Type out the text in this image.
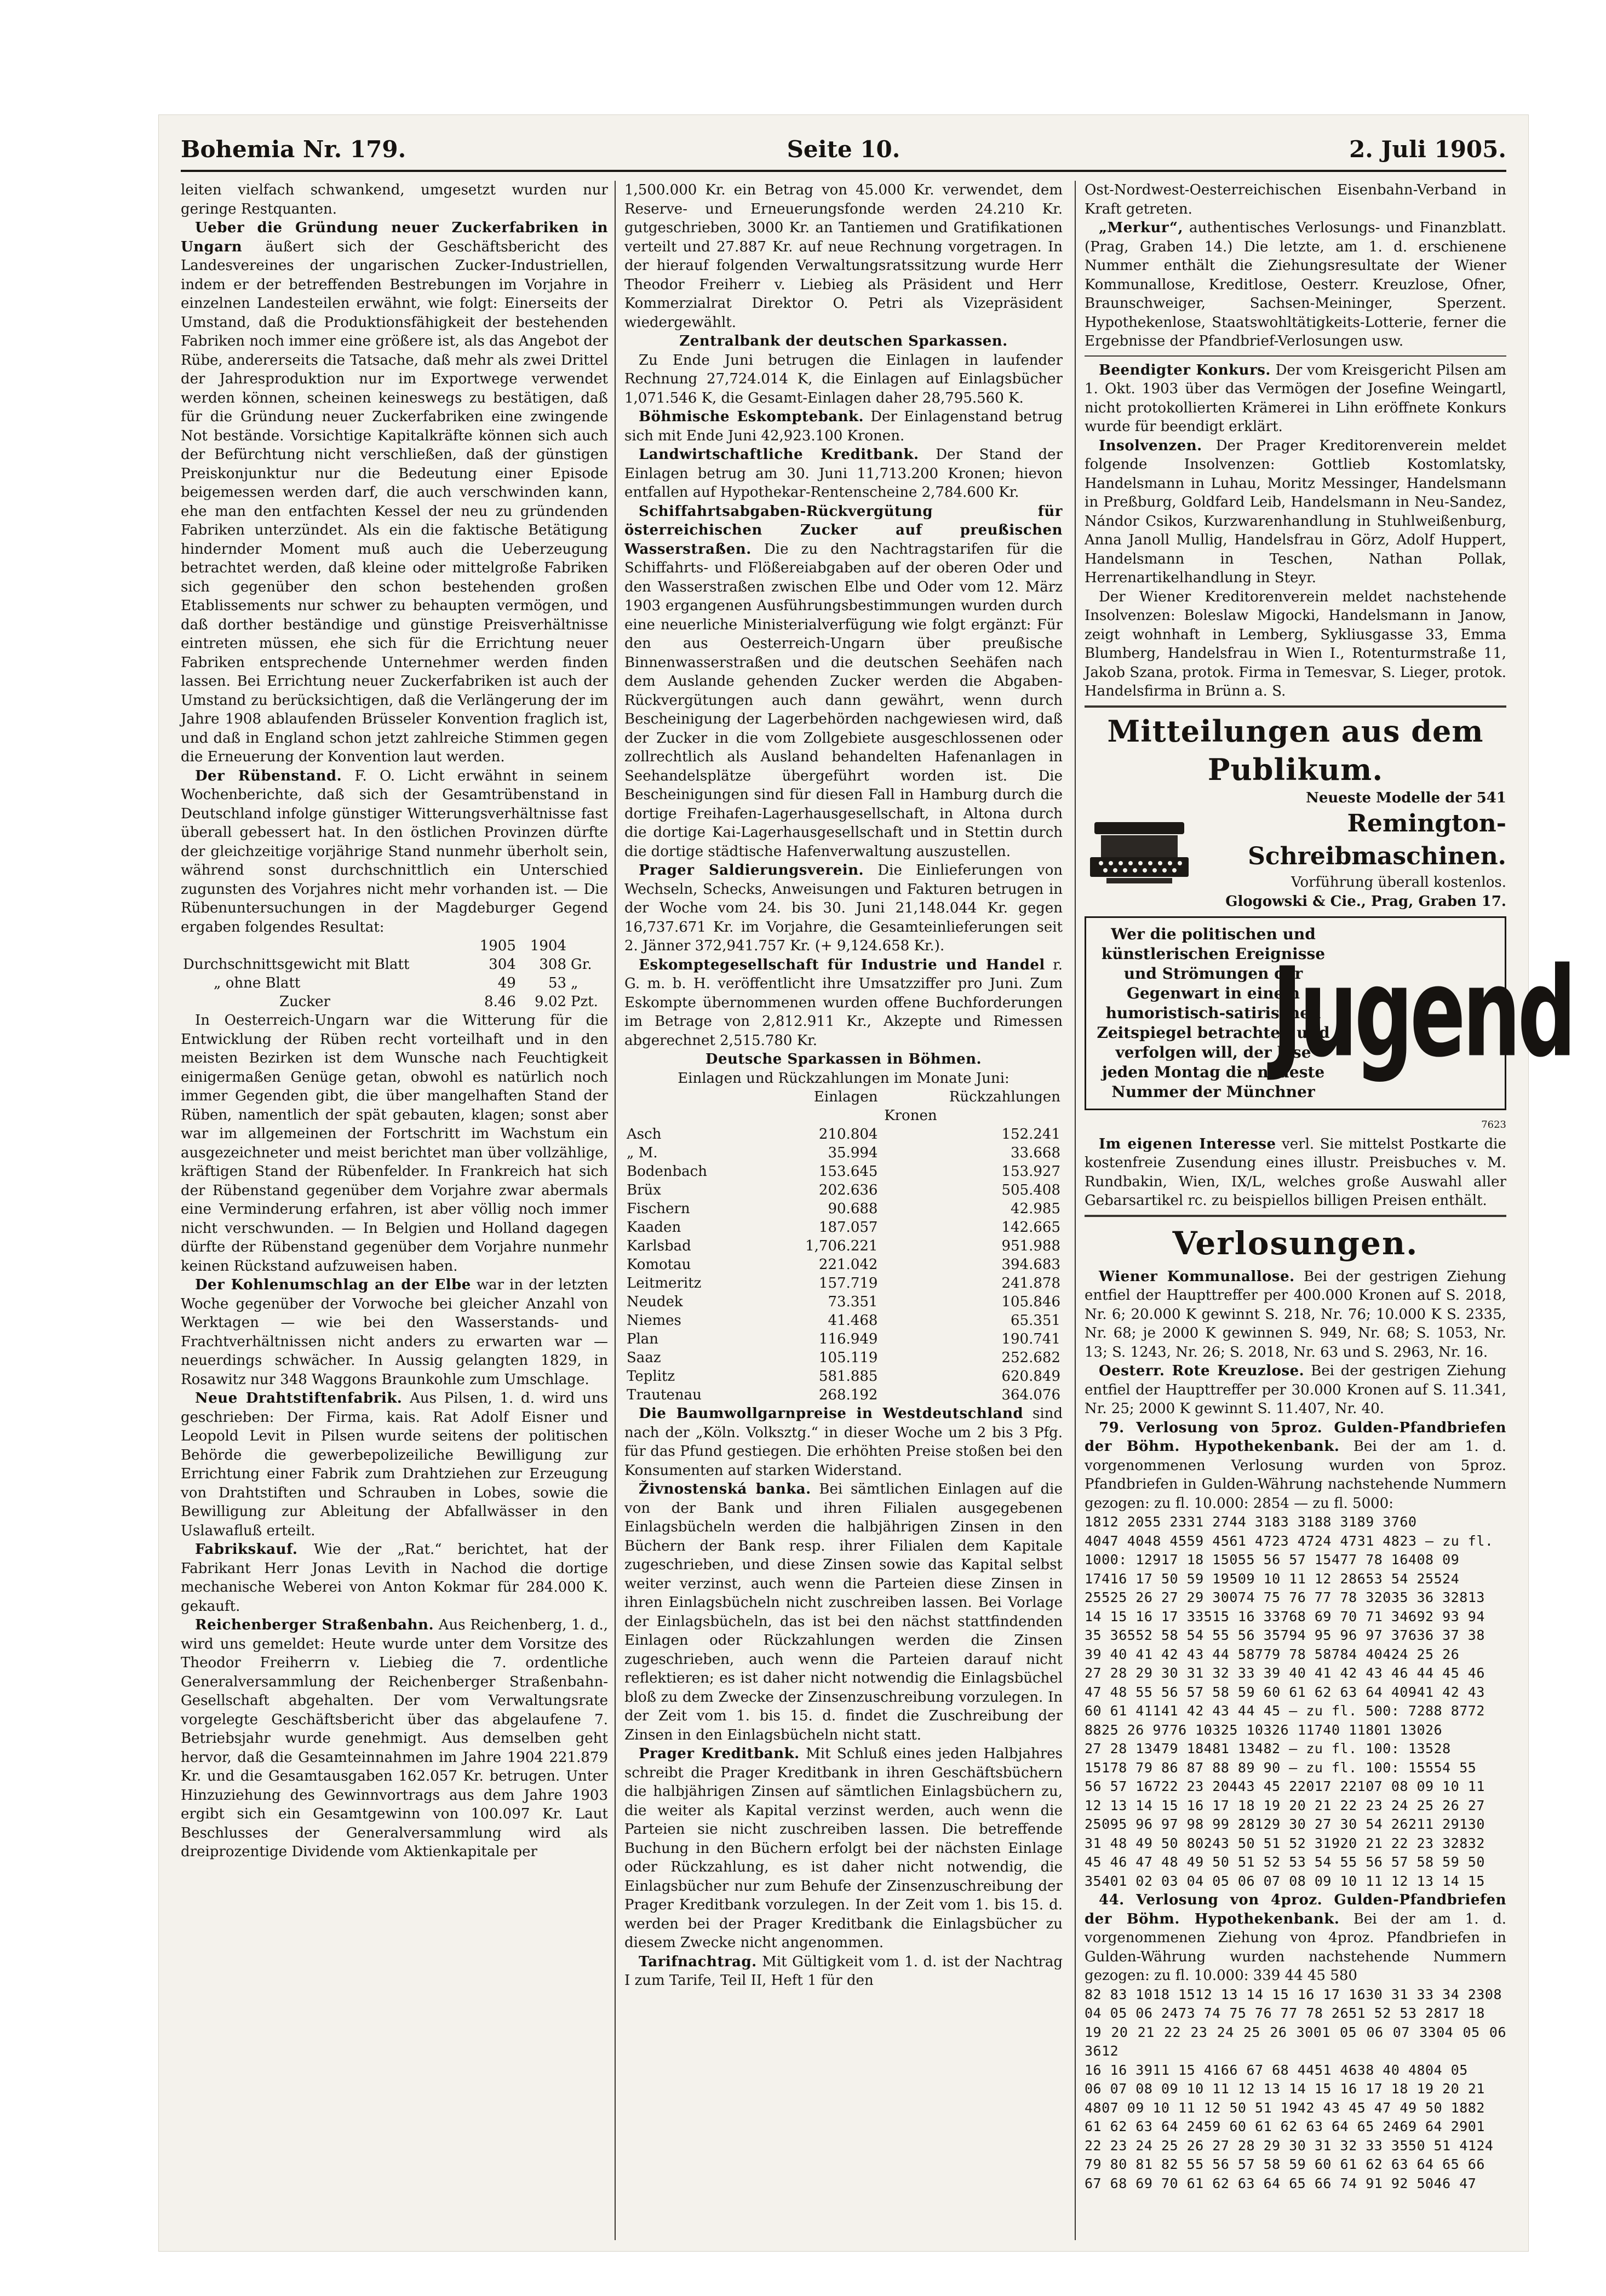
Bohemia Nr. 179.	Seite 10.	2. Juli 1905.

leiten vielfach schwankend, umgesetzt wurden nur geringe Restquanten.

Ueber die Gründung neuer Zuckerfabriken in Ungarn äußert sich der Geschäftsbericht des Landesvereines der ungarischen Zucker-Industriellen, indem er der betreffenden Bestrebungen im Vorjahre in einzelnen Landesteilen erwähnt, wie folgt: Einerseits der Umstand, daß die Produktionsfähigkeit der bestehenden Fabriken noch immer eine größere ist, als das Angebot der Rübe, andererseits die Tatsache, daß mehr als zwei Drittel der Jahresproduktion nur im Exportwege verwendet werden können, scheinen keineswegs zu bestätigen, daß für die Gründung neuer Zuckerfabriken eine zwingende Not bestände. Vorsichtige Kapitalkräfte können sich auch der Befürchtung nicht verschließen, daß der günstigen Preiskonjunktur nur die Bedeutung einer Episode beigemessen werden darf, die auch verschwinden kann, ehe man den entfachten Kessel der neu zu gründenden Fabriken unterzündet. Als ein die faktische Betätigung hindernder Moment muß auch die Ueberzeugung betrachtet werden, daß kleine oder mittelgroße Fabriken sich gegenüber den schon bestehenden großen Etablissements nur schwer zu behaupten vermögen, und daß dorther beständige und günstige Preisverhältnisse eintreten müssen, ehe sich für die Errichtung neuer Fabriken entsprechende Unternehmer werden finden lassen. Bei Errichtung neuer Zuckerfabriken ist auch der Umstand zu berücksichtigen, daß die Verlängerung der im Jahre 1908 ablaufenden Brüsseler Konvention fraglich ist, und daß in England schon jetzt zahlreiche Stimmen gegen die Erneuerung der Konvention laut werden.

Der Rübenstand. F. O. Licht erwähnt in seinem Wochenberichte, daß sich der Gesamtrübenstand in Deutschland infolge günstiger Witterungsverhältnisse fast überall gebessert hat. In den östlichen Provinzen dürfte der gleichzeitige vorjährige Stand nunmehr überholt sein, während sonst durchschnittlich ein Unterschied zugunsten des Vorjahres nicht mehr vorhanden ist. — Die Rübenuntersuchungen in der Magdeburger Gegend ergaben folgendes Resultat:

	1905	1904	
Durchschnittsgewicht mit Blatt	304	308	Gr.
„ ohne Blatt	49	53	„
Zucker	8.46	9.02	Pzt.

In Oesterreich-Ungarn war die Witterung für die Entwicklung der Rüben recht vorteilhaft und in den meisten Bezirken ist dem Wunsche nach Feuchtigkeit einigermaßen Genüge getan, obwohl es natürlich noch immer Gegenden gibt, die über mangelhaften Stand der Rüben, namentlich der spät gebauten, klagen; sonst aber war im allgemeinen der Fortschritt im Wachstum ein ausgezeichneter und meist berichtet man über vollzählige, kräftigen Stand der Rübenfelder. In Frankreich hat sich der Rübenstand gegenüber dem Vorjahre zwar abermals eine Verminderung erfahren, ist aber völlig noch immer nicht verschwunden. — In Belgien und Holland dagegen dürfte der Rübenstand gegenüber dem Vorjahre nunmehr keinen Rückstand aufzuweisen haben.

Der Kohlenumschlag an der Elbe war in der letzten Woche gegenüber der Vorwoche bei gleicher Anzahl von Werktagen — wie bei den Wasserstands- und Frachtverhältnissen nicht anders zu erwarten war — neuerdings schwächer. In Aussig gelangten 1829, in Rosawitz nur 348 Waggons Braunkohle zum Umschlage.

Neue Drahtstiftenfabrik. Aus Pilsen, 1. d. wird uns geschrieben: Der Firma, kais. Rat Adolf Eisner und Leopold Levit in Pilsen wurde seitens der politischen Behörde die gewerbepolizeiliche Bewilligung zur Errichtung einer Fabrik zum Drahtziehen zur Erzeugung von Drahtstiften und Schrauben in Lobes, sowie die Bewilligung zur Ableitung der Abfallwässer in den Uslawafluß erteilt.

Fabrikskauf. Wie der „Rat.“ berichtet, hat der Fabrikant Herr Jonas Levith in Nachod die dortige mechanische Weberei von Anton Kokmar für 284.000 K. gekauft.

Reichenberger Straßenbahn. Aus Reichenberg, 1. d., wird uns gemeldet: Heute wurde unter dem Vorsitze des Theodor Freiherrn v. Liebieg die 7. ordentliche Generalversammlung der Reichenberger Straßenbahn-Gesellschaft abgehalten. Der vom Verwaltungsrate vorgelegte Geschäftsbericht über das abgelaufene 7. Betriebsjahr wurde genehmigt. Aus demselben geht hervor, daß die Gesamteinnahmen im Jahre 1904 221.879 Kr. und die Gesamtausgaben 162.057 Kr. betrugen. Unter Hinzuziehung des Gewinnvortrags aus dem Jahre 1903 ergibt sich ein Gesamtgewinn von 100.097 Kr. Laut Beschlusses der Generalversammlung wird als dreiprozentige Dividende vom Aktienkapitale per

1,500.000 Kr. ein Betrag von 45.000 Kr. verwendet, dem Reserve- und Erneuerungsfonde werden 24.210 Kr. gutgeschrieben, 3000 Kr. an Tantiemen und Gratifikationen verteilt und 27.887 Kr. auf neue Rechnung vorgetragen. In der hierauf folgenden Verwaltungsratssitzung wurde Herr Theodor Freiherr v. Liebieg als Präsident und Herr Kommerzialrat Direktor O. Petri als Vizepräsident wiedergewählt.

Zentralbank der deutschen Sparkassen.

Zu Ende Juni betrugen die Einlagen in laufender Rechnung 27,724.014 K, die Einlagen auf Einlagsbücher 1,071.546 K, die Gesamt-Einlagen daher 28,795.560 K.

Böhmische Eskomptebank. Der Einlagenstand betrug sich mit Ende Juni 42,923.100 Kronen.

Landwirtschaftliche Kreditbank. Der Stand der Einlagen betrug am 30. Juni 11,713.200 Kronen; hievon entfallen auf Hypothekar-Rentenscheine 2,784.600 Kr.

Schiffahrtsabgaben-Rückvergütung für österreichischen Zucker auf preußischen Wasserstraßen. Die zu den Nachtragstarifen für die Schiffahrts- und Flößereiabgaben auf der oberen Oder und den Wasserstraßen zwischen Elbe und Oder vom 12. März 1903 ergangenen Ausführungsbestimmungen wurden durch eine neuerliche Ministerialverfügung wie folgt ergänzt: Für den aus Oesterreich-Ungarn über preußische Binnenwasserstraßen und die deutschen Seehäfen nach dem Auslande gehenden Zucker werden die Abgaben-Rückvergütungen auch dann gewährt, wenn durch Bescheinigung der Lagerbehörden nachgewiesen wird, daß der Zucker in die vom Zollgebiete ausgeschlossenen oder zollrechtlich als Ausland behandelten Hafenanlagen in Seehandelsplätze übergeführt worden ist. Die Bescheinigungen sind für diesen Fall in Hamburg durch die dortige Freihafen-Lagerhausgesellschaft, in Altona durch die dortige Kai-Lagerhausgesellschaft und in Stettin durch die dortige städtische Hafenverwaltung auszustellen.

Prager Saldierungsverein. Die Einlieferungen von Wechseln, Schecks, Anweisungen und Fakturen betrugen in der Woche vom 24. bis 30. Juni 21,148.044 Kr. gegen 16,737.671 Kr. im Vorjahre, die Gesamteinlieferungen seit 2. Jänner 372,941.757 Kr. (+ 9,124.658 Kr.).

Eskomptegesellschaft für Industrie und Handel r. G. m. b. H. veröffentlicht ihre Umsatzziffer pro Juni. Zum Eskompte übernommenen wurden offene Buchforderungen im Betrage von 2,812.911 Kr., Akzepte und Rimessen abgerechnet 2,515.780 Kr.

Deutsche Sparkassen in Böhmen.

Einlagen und Rückzahlungen im Monate Juni:

	Einlagen	Rückzahlungen
	Kronen	
Asch	210.804	152.241
„ M.	35.994	33.668
Bodenbach	153.645	153.927
Brüx	202.636	505.408
Fischern	90.688	42.985
Kaaden	187.057	142.665
Karlsbad	1,706.221	951.988
Komotau	221.042	394.683
Leitmeritz	157.719	241.878
Neudek	73.351	105.846
Niemes	41.468	65.351
Plan	116.949	190.741
Saaz	105.119	252.682
Teplitz	581.885	620.849
Trautenau	268.192	364.076

Die Baumwollgarnpreise in Westdeutschland sind nach der „Köln. Volksztg.“ in dieser Woche um 2 bis 3 Pfg. für das Pfund gestiegen. Die erhöhten Preise stoßen bei den Konsumenten auf starken Widerstand.

Živnostenská banka. Bei sämtlichen Einlagen auf die von der Bank und ihren Filialen ausgegebenen Einlagsbücheln werden die halbjährigen Zinsen in den Büchern der Bank resp. ihrer Filialen dem Kapitale zugeschrieben, und diese Zinsen sowie das Kapital selbst weiter verzinst, auch wenn die Parteien diese Zinsen in ihren Einlagsbücheln nicht zuschreiben lassen. Bei Vorlage der Einlagsbücheln, das ist bei den nächst stattfindenden Einlagen oder Rückzahlungen werden die Zinsen zugeschrieben, auch wenn die Parteien darauf nicht reflektieren; es ist daher nicht notwendig die Einlagsbüchel bloß zu dem Zwecke der Zinsenzuschreibung vorzulegen. In der Zeit vom 1. bis 15. d. findet die Zuschreibung der Zinsen in den Einlagsbücheln nicht statt.

Prager Kreditbank. Mit Schluß eines jeden Halbjahres schreibt die Prager Kreditbank in ihren Geschäftsbüchern die halbjährigen Zinsen auf sämtlichen Einlagsbüchern zu, die weiter als Kapital verzinst werden, auch wenn die Parteien sie nicht zuschreiben lassen. Die betreffende Buchung in den Büchern erfolgt bei der nächsten Einlage oder Rückzahlung, es ist daher nicht notwendig, die Einlagsbücher nur zum Behufe der Zinsenzuschreibung der Prager Kreditbank vorzulegen. In der Zeit vom 1. bis 15. d. werden bei der Prager Kreditbank die Einlagsbücher zu diesem Zwecke nicht angenommen.

Tarifnachtrag. Mit Gültigkeit vom 1. d. ist der Nachtrag I zum Tarife, Teil II, Heft 1 für den

Ost-Nordwest-Oesterreichischen Eisenbahn-Verband in Kraft getreten.

„Merkur“, authentisches Verlosungs- und Finanzblatt. (Prag, Graben 14.) Die letzte, am 1. d. erschienene Nummer enthält die Ziehungsresultate der Wiener Kommunallose, Kreditlose, Oesterr. Kreuzlose, Ofner, Braunschweiger, Sachsen-Meininger, Sperzent. Hypothekenlose, Staatswohltätigkeits-Lotterie, ferner die Ergebnisse der Pfandbrief-Verlosungen usw.

Beendigter Konkurs. Der vom Kreisgericht Pilsen am 1. Okt. 1903 über das Vermögen der Josefine Weingartl, nicht protokollierten Krämerei in Lihn eröffnete Konkurs wurde für beendigt erklärt.

Insolvenzen. Der Prager Kreditorenverein meldet folgende Insolvenzen: Gottlieb Kostomlatsky, Handelsmann in Luhau, Moritz Messinger, Handelsmann in Preßburg, Goldfard Leib, Handelsmann in Neu-Sandez, Nándor Csikos, Kurzwarenhandlung in Stuhlweißenburg, Anna Janoll Mullig, Handelsfrau in Görz, Adolf Huppert, Handelsmann in Teschen, Nathan Pollak, Herrenartikelhandlung in Steyr.

Der Wiener Kreditorenverein meldet nachstehende Insolvenzen: Boleslaw Migocki, Handelsmann in Janow, zeigt wohnhaft in Lemberg, Sykliusgasse 33, Emma Blumberg, Handelsfrau in Wien I., Rotenturmstraße 11, Jakob Szana, protok. Firma in Temesvar, S. Lieger, protok. Handelsfirma in Brünn a. S.

Mitteilungen aus dem Publikum.
Neueste Modelle der 541
Remington-Schreibmaschinen.
Vorführung überall kostenlos.
Glogowski & Cie., Prag, Graben 17.
Wer die politischen und künstlerischen Ereignisse und Strömungen der Gegenwart in einem humoristisch-satirischen Zeitspiegel betrachten und verfolgen will, der lese jeden Montag die neueste Nummer der Münchner
Jugend
7623

Im eigenen Interesse verl. Sie mittelst Postkarte die kostenfreie Zusendung eines illustr. Preisbuches v. M. Rundbakin, Wien, IX/L, welches große Auswahl aller Gebarsartikel rc. zu beispiellos billigen Preisen enthält.

Verlosungen.

Wiener Kommunallose. Bei der gestrigen Ziehung entfiel der Haupttreffer per 400.000 Kronen auf S. 2018, Nr. 6; 20.000 K gewinnt S. 218, Nr. 76; 10.000 K S. 2335, Nr. 68; je 2000 K gewinnen S. 949, Nr. 68; S. 1053, Nr. 13; S. 1243, Nr. 26; S. 2018, Nr. 63 und S. 2963, Nr. 16.

Oesterr. Rote Kreuzlose. Bei der gestrigen Ziehung entfiel der Haupttreffer per 30.000 Kronen auf S. 11.341, Nr. 25; 2000 K gewinnt S. 11.407, Nr. 40.

79. Verlosung von 5proz. Gulden-Pfandbriefen der Böhm. Hypothekenbank. Bei der am 1. d. vorgenommenen Verlosung wurden von 5proz. Pfandbriefen in Gulden-Währung nachstehende Nummern gezogen: zu fl. 10.000: 2854 — zu fl. 5000:

1812 2055 2331 2744 3183 3188 3189 3760
4047 4048 4559 4561 4723 4724 4731 4823 — zu fl.
1000: 12917 18 15055 56 57 15477 78 16408 09
17416 17 50 59 19509 10 11 12 28653 54 25524
25525 26 27 29 30074 75 76 77 78 32035 36 32813
14 15 16 17 33515 16 33768 69 70 71 34692 93 94
35 36552 58 54 55 56 35794 95 96 97 37636 37 38
39 40 41 42 43 44 58779 78 58784 40424 25 26
27 28 29 30 31 32 33 39 40 41 42 43 46 44 45 46
47 48 55 56 57 58 59 60 61 62 63 64 40941 42 43
60 61 41141 42 43 44 45 — zu fl. 500: 7288 8772
8825 26 9776 10325 10326 11740 11801 13026
27 28 13479 18481 13482 — zu fl. 100: 13528
15178 79 86 87 88 89 90 — zu fl. 100: 15554 55
56 57 16722 23 20443 45 22017 22107 08 09 10 11
12 13 14 15 16 17 18 19 20 21 22 23 24 25 26 27
25095 96 97 98 99 28129 30 27 30 54 26211 29130
31 48 49 50 80243 50 51 52 31920 21 22 23 32832
45 46 47 48 49 50 51 52 53 54 55 56 57 58 59 50
35401 02 03 04 05 06 07 08 09 10 11 12 13 14 15

44. Verlosung von 4proz. Gulden-Pfandbriefen der Böhm. Hypothekenbank. Bei der am 1. d. vorgenommenen Ziehung von 4proz. Pfandbriefen in Gulden-Währung wurden nachstehende Nummern gezogen: zu fl. 10.000: 339 44 45 580

82 83 1018 1512 13 14 15 16 17 1630 31 33 34 2308
04 05 06 2473 74 75 76 77 78 2651 52 53 2817 18
19 20 21 22 23 24 25 26 3001 05 06 07 3304 05 06 3612
16 16 3911 15 4166 67 68 4451 4638 40 4804 05
06 07 08 09 10 11 12 13 14 15 16 17 18 19 20 21
4807 09 10 11 12 50 51 1942 43 45 47 49 50 1882
61 62 63 64 2459 60 61 62 63 64 65 2469 64 2901
22 23 24 25 26 27 28 29 30 31 32 33 3550 51 4124
79 80 81 82 55 56 57 58 59 60 61 62 63 64 65 66
67 68 69 70 61 62 63 64 65 66 74 91 92 5046 47
